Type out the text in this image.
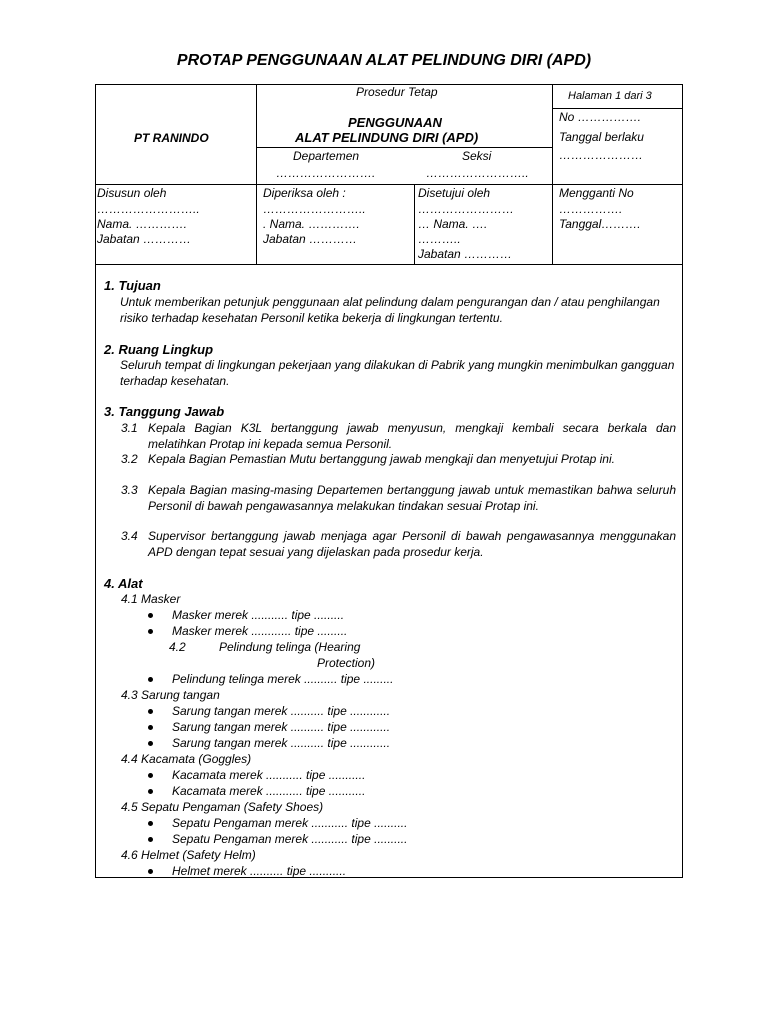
PROTAP PENGGUNAAN ALAT PELINDUNG DIRI (APD)
PT RANINDO
Prosedur Tetap
PENGGUNAAN
ALAT PELINDUNG DIRI (APD)
Departemen
…………………….
Seksi
……………………..
Halaman 1 dari 3
No …………….
Tanggal berlaku
…………………
Disusun oleh
……………………..
Nama. ………….
Jabatan …………
Diperiksa oleh :
……………………..
. Nama. ………….
Jabatan …………
Disetujui oleh
……………………
… Nama. ….
………..
Jabatan …………
Mengganti No
…………….
Tanggal……….
1. Tujuan
Untuk memberikan petunjuk penggunaan alat pelindung dalam pengurangan dan / atau penghilangan risiko terhadap kesehatan Personil ketika bekerja di lingkungan tertentu.
2. Ruang Lingkup
Seluruh tempat di lingkungan pekerjaan yang dilakukan di Pabrik yang mungkin menimbulkan gangguan terhadap kesehatan.
3. Tanggung Jawab
3.1 Kepala Bagian K3L bertanggung jawab menyusun, mengkaji kembali secara berkala dan melatihkan Protap ini kepada semua Personil.
3.2 Kepala Bagian Pemastian Mutu bertanggung jawab mengkaji dan menyetujui Protap ini.
3.3 Kepala Bagian masing-masing Departemen bertanggung jawab untuk memastikan bahwa seluruh Personil di bawah pengawasannya melakukan tindakan sesuai Protap ini.
3.4 Supervisor bertanggung jawab menjaga agar Personil di bawah pengawasannya menggunakan APD dengan tepat sesuai yang dijelaskan pada prosedur kerja.
4. Alat
4.1 Masker
Masker merek ........... tipe .........
Masker merek ............ tipe .........
4.2	Pelindung telinga (Hearing
Protection)
Pelindung telinga merek .......... tipe .........
4.3 Sarung tangan
Sarung tangan merek .......... tipe ............
Sarung tangan merek .......... tipe ............
Sarung tangan merek .......... tipe ............
4.4 Kacamata (Goggles)
Kacamata merek ........... tipe ...........
Kacamata merek ........... tipe ...........
4.5 Sepatu Pengaman (Safety Shoes)
Sepatu Pengaman merek ........... tipe ..........
Sepatu Pengaman merek ........... tipe ..........
4.6 Helmet (Safety Helm)
Helmet merek .......... tipe ...........
